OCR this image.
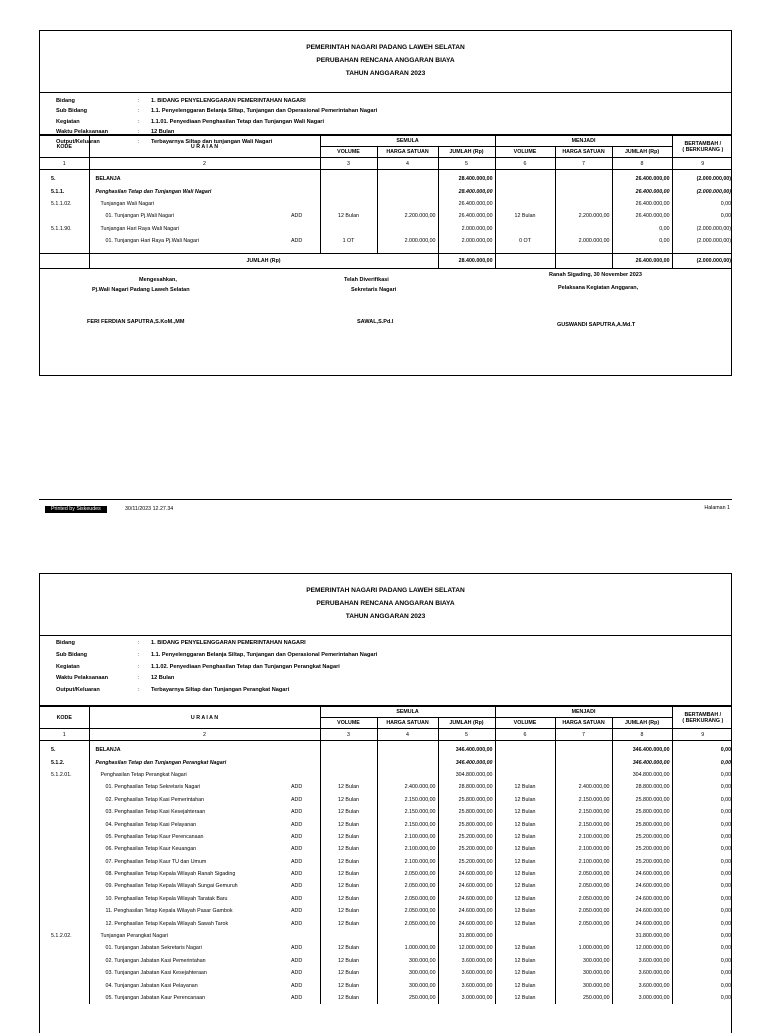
PEMERINTAH NAGARI PADANG LAWEH SELATAN
PERUBAHAN RENCANA ANGGARAN BIAYA
TAHUN ANGGARAN 2023
Bidang	: 1. BIDANG PENYELENGGARAN PEMERINTAHAN NAGARI
Sub Bidang	: 1.1. Penyelenggaran Belanja Siltap, Tunjangan dan Operasional Pemerintahan Nagari
Kegiatan	: 1.1.01. Penyediaan Penghasilan Tetap dan Tunjangan Wali Nagari
Waktu Pelaksanaan	: 12 Bulan
Output/Keluaran	: Terbayarnya Siltap dan tunjangan Wali Nagari
KODE	U R A I A N		SEMULA			MENJADI			BERTAMBAH /
( BERKURANG )

			VOLUME	HARGA SATUAN	JUMLAH (Rp)	VOLUME	HARGA SATUAN	JUMLAH (Rp)	
1	2		3	4	5	6	7	8	9

5.	BELANJA				28.400.000,00			26.400.000,00	(2.000.000,00)
5.1.1.	Penghasilan Tetap dan Tunjangan Wali Nagari				28.400.000,00			26.400.000,00	(2.000.000,00)
5.1.1.02.	Tunjangan Wali Nagari				26.400.000,00			26.400.000,00	0,00
	01. Tunjangan Pj.Wali Nagari	ADD	12 Bulan	2.200.000,00	26.400.000,00	12 Bulan	2.200.000,00	26.400.000,00	0,00
5.1.1.90.	Tunjangan Hari Raya Wali Nagari				2.000.000,00			0,00	(2.000.000,00)
	01. Tunjangan Hari Raya Pj.Wali Nagari	ADD	1 OT	2.000.000,00	2.000.000,00	0 OT	2.000.000,00	0,00	(2.000.000,00)

	JUMLAH (Rp)				28.400.000,00			26.400.000,00	(2.000.000,00)
Mengesahkan,
Pj.Wali Nagari Padang Laweh Selatan
Telah Diverifikasi
Sekretaris Nagari
Ranah Sigading, 30 November 2023
Pelaksana Kegiatan Anggaran,
FERI FERDIAN SAPUTRA,S.KoM.,MM	SAWAL,S.Pd.I	GUSWANDI SAPUTRA,A.Md.T
Printed by Siskeudes	30/11/2023 12.27.34	Halaman 1
PEMERINTAH NAGARI PADANG LAWEH SELATAN
PERUBAHAN RENCANA ANGGARAN BIAYA
TAHUN ANGGARAN 2023
Bidang	: 1. BIDANG PENYELENGGARAN PEMERINTAHAN NAGARI
Sub Bidang	: 1.1. Penyelenggaran Belanja Siltap, Tunjangan dan Operasional Pemerintahan Nagari
Kegiatan	: 1.1.02. Penyediaan Penghasilan Tetap dan Tunjangan Perangkat Nagari
Waktu Pelaksanaan	: 12 Bulan
Output/Keluaran	: Terbayarnya Siltap dan Tunjangan Perangkat Nagari
KODE	U R A I A N		SEMULA			MENJADI			BERTAMBAH /
( BERKURANG )

			VOLUME	HARGA SATUAN	JUMLAH (Rp)	VOLUME	HARGA SATUAN	JUMLAH (Rp)	
1	2		3	4	5	6	7	8	9

5.	BELANJA				346.400.000,00			346.400.000,00	0,00
5.1.2.	Penghasilan Tetap dan Tunjangan Perangkat Nagari				346.400.000,00			346.400.000,00	0,00
5.1.2.01.	Penghasilan Tetap Perangkat Nagari				304.800.000,00			304.800.000,00	0,00
	01. Penghasilan Tetap Sekretaris Nagari	ADD	12 Bulan	2.400.000,00	28.800.000,00	12 Bulan	2.400.000,00	28.800.000,00	0,00
	02. Penghasilan Tetap Kasi Pemerintahan	ADD	12 Bulan	2.150.000,00	25.800.000,00	12 Bulan	2.150.000,00	25.800.000,00	0,00
	03. Penghasilan Tetap Kasi Kesejahteraan	ADD	12 Bulan	2.150.000,00	25.800.000,00	12 Bulan	2.150.000,00	25.800.000,00	0,00
	04. Penghasilan Tetap Kasi Pelayanan	ADD	12 Bulan	2.150.000,00	25.800.000,00	12 Bulan	2.150.000,00	25.800.000,00	0,00
	05. Penghasilan Tetap Kaur Perencanaan	ADD	12 Bulan	2.100.000,00	25.200.000,00	12 Bulan	2.100.000,00	25.200.000,00	0,00
	06. Penghasilan Tetap Kaur Keuangan	ADD	12 Bulan	2.100.000,00	25.200.000,00	12 Bulan	2.100.000,00	25.200.000,00	0,00
	07. Penghasilan Tetap Kaur TU dan Umum	ADD	12 Bulan	2.100.000,00	25.200.000,00	12 Bulan	2.100.000,00	25.200.000,00	0,00
	08. Penghasilan Tetap Kepala Wilayah Ranah Sigading	ADD	12 Bulan	2.050.000,00	24.600.000,00	12 Bulan	2.050.000,00	24.600.000,00	0,00
	09. Penghasilan Tetap Kepala Wilayah Sungai Gemuruh	ADD	12 Bulan	2.050.000,00	24.600.000,00	12 Bulan	2.050.000,00	24.600.000,00	0,00
	10. Penghasilan Tetap Kepala Wilayah Taratak Baru	ADD	12 Bulan	2.050.000,00	24.600.000,00	12 Bulan	2.050.000,00	24.600.000,00	0,00
	11. Penghasilan Tetap Kepala Wilayah Pasar Gambok	ADD	12 Bulan	2.050.000,00	24.600.000,00	12 Bulan	2.050.000,00	24.600.000,00	0,00
	12. Penghasilan Tetap Kepala Wilayah Sawah Tarok	ADD	12 Bulan	2.050.000,00	24.600.000,00	12 Bulan	2.050.000,00	24.600.000,00	0,00
5.1.2.02.	Tunjangan Perangkat Nagari				31.800.000,00			31.800.000,00	0,00
	01. Tunjangan Jabatan Sekretaris Nagari	ADD	12 Bulan	1.000.000,00	12.000.000,00	12 Bulan	1.000.000,00	12.000.000,00	0,00
	02. Tunjangan Jabatan Kasi Pemerintahan	ADD	12 Bulan	300.000,00	3.600.000,00	12 Bulan	300.000,00	3.600.000,00	0,00
	03. Tunjangan Jabatan Kasi Kesejahteraan	ADD	12 Bulan	300.000,00	3.600.000,00	12 Bulan	300.000,00	3.600.000,00	0,00
	04. Tunjangan Jabatan Kasi Pelayanan	ADD	12 Bulan	300.000,00	3.600.000,00	12 Bulan	300.000,00	3.600.000,00	0,00
	05. Tunjangan Jabatan Kaur Perencanaan	ADD	12 Bulan	250.000,00	3.000.000,00	12 Bulan	250.000,00	3.000.000,00	0,00
